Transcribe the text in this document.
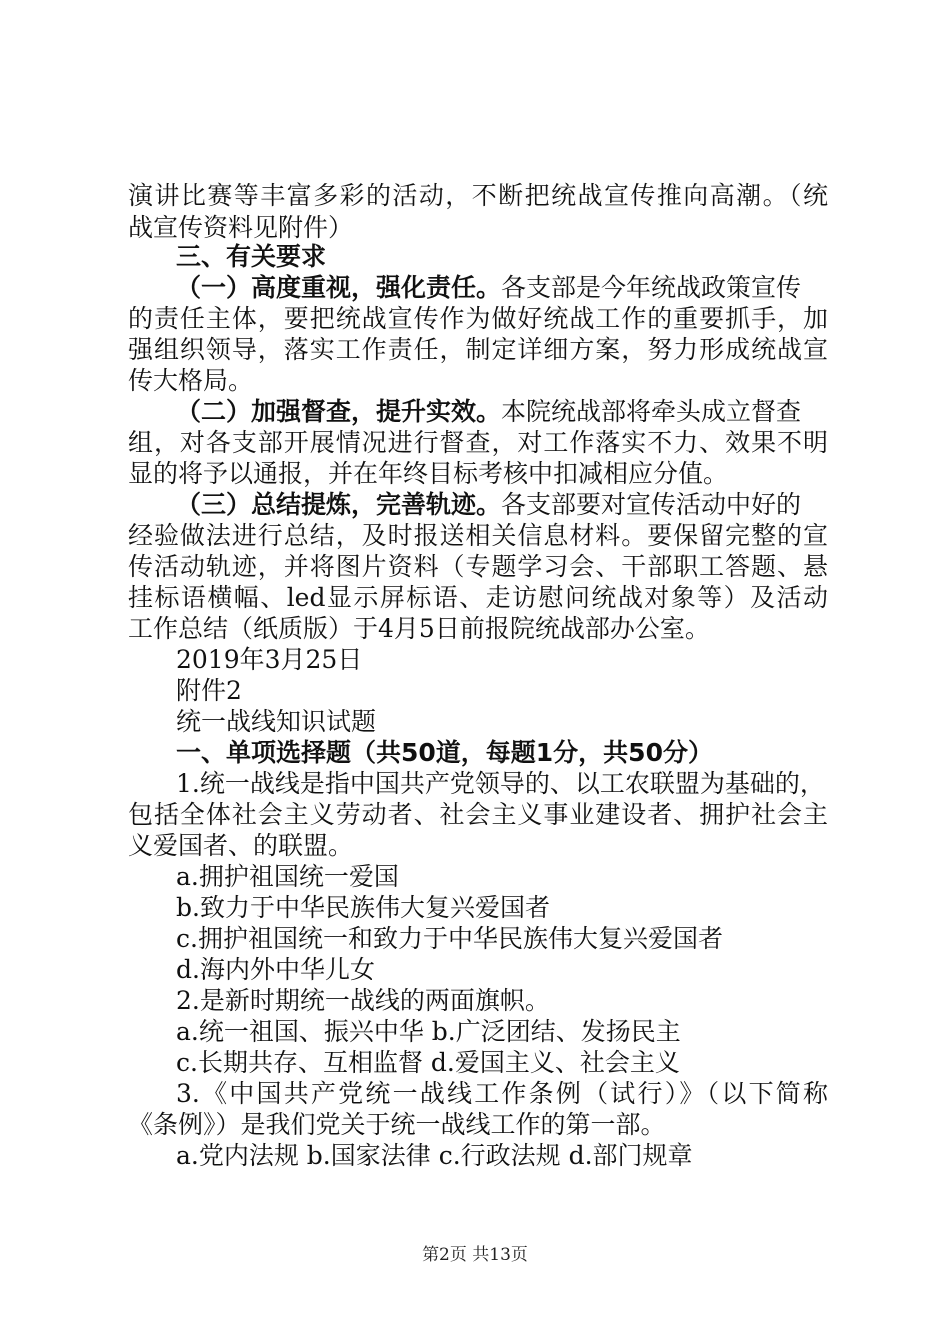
演讲比赛等丰富多彩的活动，不断把统战宣传推向高潮。（统
战宣传资料见附件）
三、有关要求
（一）高度重视，强化责任。各支部是今年统战政策宣传
的责任主体，要把统战宣传作为做好统战工作的重要抓手，加
强组织领导，落实工作责任，制定详细方案，努力形成统战宣
传大格局。
（二）加强督查，提升实效。本院统战部将牵头成立督查
组，对各支部开展情况进行督查，对工作落实不力、效果不明
显的将予以通报，并在年终目标考核中扣减相应分值。
（三）总结提炼，完善轨迹。各支部要对宣传活动中好的
经验做法进行总结，及时报送相关信息材料。要保留完整的宣
传活动轨迹，并将图片资料（专题学习会、干部职工答题、悬
挂标语横幅、led显示屏标语、走访慰问统战对象等）及活动
工作总结（纸质版）于4月5日前报院统战部办公室。
2019年3月25日
附件2
统一战线知识试题
一、单项选择题（共50道，每题1分，共50分）
1.统一战线是指中国共产党领导的、以工农联盟为基础的，
包括全体社会主义劳动者、社会主义事业建设者、拥护社会主
义爱国者、的联盟。
a.拥护祖国统一爱国
b.致力于中华民族伟大复兴爱国者
c.拥护祖国统一和致力于中华民族伟大复兴爱国者
d.海内外中华儿女
2.是新时期统一战线的两面旗帜。
a.统一祖国、振兴中华 b.广泛团结、发扬民主
c.长期共存、互相监督 d.爱国主义、社会主义
3.《中国共产党统一战线工作条例（试行）》（以下简称
《条例》）是我们党关于统一战线工作的第一部。
a.党内法规 b.国家法律 c.行政法规 d.部门规章
第2页 共13页
